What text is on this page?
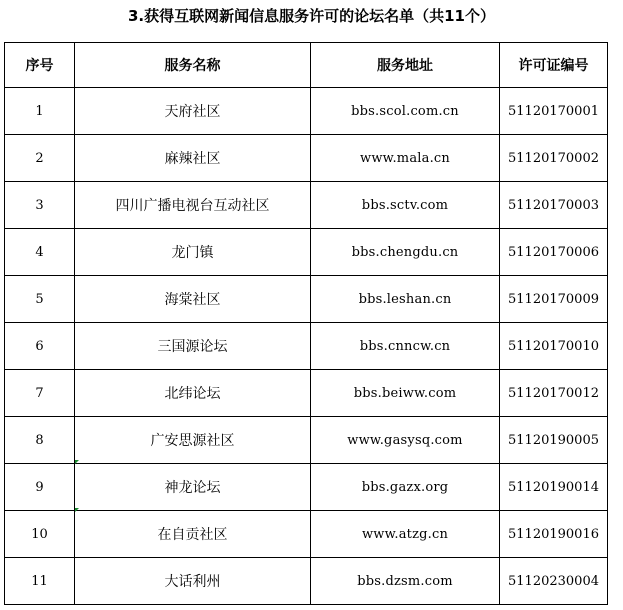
3.获得互联网新闻信息服务许可的论坛名单（共11个）
序号	服务名称	服务地址	许可证编号
1	天府社区	bbs.scol.com.cn	51120170001
2	麻辣社区	www.mala.cn	51120170002
3	四川广播电视台互动社区	bbs.sctv.com	51120170003
4	龙门镇	bbs.chengdu.cn	51120170006
5	海棠社区	bbs.leshan.cn	51120170009
6	三国源论坛	bbs.cnncw.cn	51120170010
7	北纬论坛	bbs.beiww.com	51120170012
8	广安思源社区	www.gasysq.com	51120190005
9	神龙论坛	bbs.gazx.org	51120190014
10	在自贡社区	www.atzg.cn	51120190016
11	大话利州	bbs.dzsm.com	51120230004
